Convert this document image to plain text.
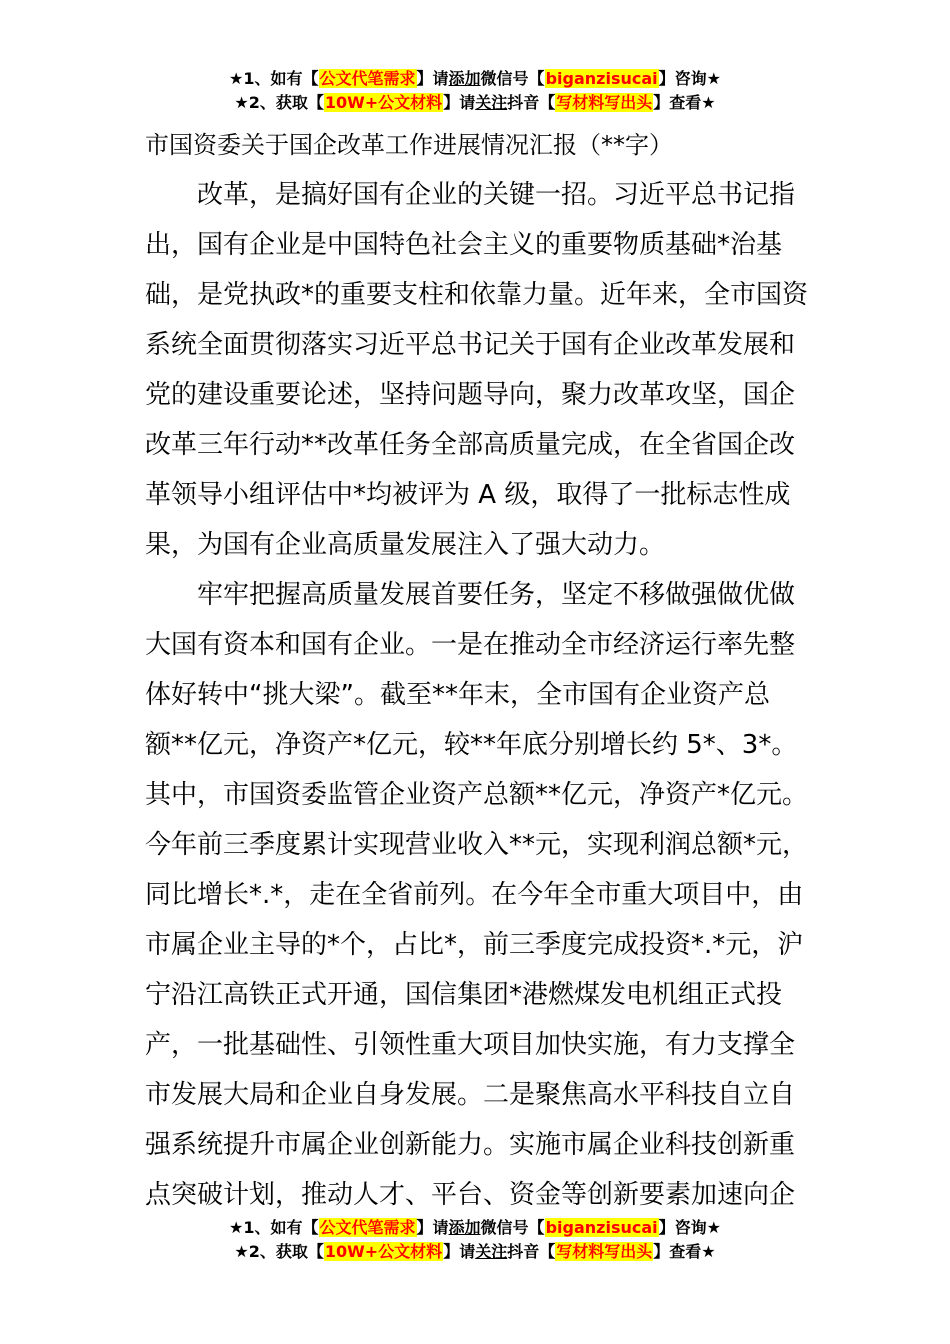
★1、如有【公文代笔需求】请添加微信号【biganzisucai】咨询★
★2、获取【10W+公文材料】请关注抖音【写材料写出头】查看★
市国资委关于国企改革工作进展情况汇报（**字）
改革，是搞好国有企业的关键一招。习近平总书记指
出，国有企业是中国特色社会主义的重要物质基础*治基
础，是党执政*的重要支柱和依靠力量。近年来，全市国资
系统全面贯彻落实习近平总书记关于国有企业改革发展和
党的建设重要论述，坚持问题导向，聚力改革攻坚，国企
改革三年行动**改革任务全部高质量完成，在全省国企改
革领导小组评估中*均被评为 A 级，取得了一批标志性成
果，为国有企业高质量发展注入了强大动力。
牢牢把握高质量发展首要任务，坚定不移做强做优做
大国有资本和国有企业。一是在推动全市经济运行率先整
体好转中“挑大梁”。截至**年末，全市国有企业资产总
额**亿元，净资产*亿元，较**年底分别增长约 5*、3*。
其中，市国资委监管企业资产总额**亿元，净资产*亿元。
今年前三季度累计实现营业收入**元，实现利润总额*元，
同比增长*.*，走在全省前列。在今年全市重大项目中，由
市属企业主导的*个，占比*，前三季度完成投资*.*元，沪
宁沿江高铁正式开通，国信集团*港燃煤发电机组正式投
产，一批基础性、引领性重大项目加快实施，有力支撑全
市发展大局和企业自身发展。二是聚焦高水平科技自立自
强系统提升市属企业创新能力。实施市属企业科技创新重
点突破计划，推动人才、平台、资金等创新要素加速向企
★1、如有【公文代笔需求】请添加微信号【biganzisucai】咨询★
★2、获取【10W+公文材料】请关注抖音【写材料写出头】查看★
